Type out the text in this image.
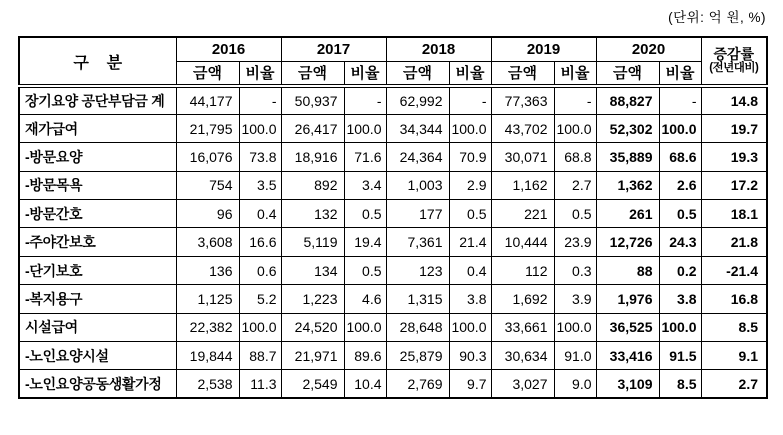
(단위: 억 원, %)
구    분	2016		2017		2018		2019		2020		증감률
(전년대비)

	금액	비율	금액	비율	금액	비율	금액	비율	금액	비율	
장기요양 공단부담금 계	44,177	-	50,937	-	62,992	-	77,363	-	88,827	-	14.8
재가급여	21,795	100.0	26,417	100.0	34,344	100.0	43,702	100.0	52,302	100.0	19.7
-방문요양	16,076	73.8	18,916	71.6	24,364	70.9	30,071	68.8	35,889	68.6	19.3
-방문목욕	754	3.5	892	3.4	1,003	2.9	1,162	2.7	1,362	2.6	17.2
-방문간호	96	0.4	132	0.5	177	0.5	221	0.5	261	0.5	18.1
-주야간보호	3,608	16.6	5,119	19.4	7,361	21.4	10,444	23.9	12,726	24.3	21.8
-단기보호	136	0.6	134	0.5	123	0.4	112	0.3	88	0.2	-21.4
-복지용구	1,125	5.2	1,223	4.6	1,315	3.8	1,692	3.9	1,976	3.8	16.8
시설급여	22,382	100.0	24,520	100.0	28,648	100.0	33,661	100.0	36,525	100.0	8.5
-노인요양시설	19,844	88.7	21,971	89.6	25,879	90.3	30,634	91.0	33,416	91.5	9.1
-노인요양공동생활가정	2,538	11.3	2,549	10.4	2,769	9.7	3,027	9.0	3,109	8.5	2.7
